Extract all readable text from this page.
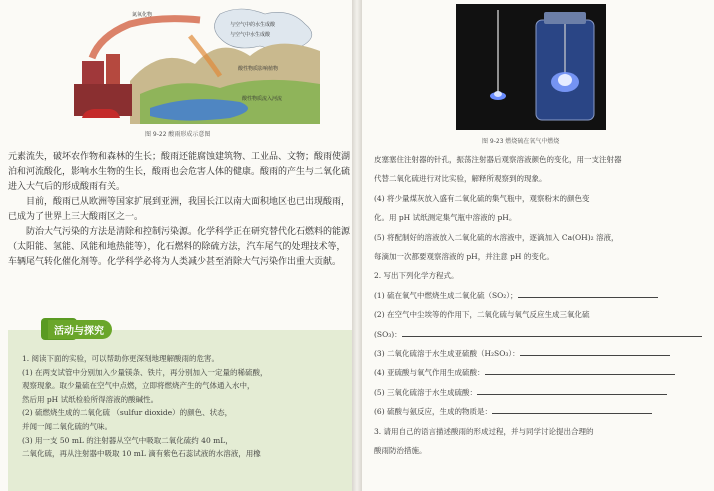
氮氧化物
与空气中的水生成酸
与空气中水生成酸
酸性物质影响植物
酸性物质流入河流
图 9-22 酸雨形成示意图

元素流失，破坏农作物和森林的生长；酸雨还能腐蚀建筑物、工业品、文物；酸雨使湖泊和河流酸化，影响水生物的生长，酸雨也会危害人体的健康。酸雨的产生与二氧化硫进入大气后的形成酸雨有关。

目前，酸雨已从欧洲等国家扩展到亚洲，我国长江以南大面积地区也已出现酸雨，已成为了世界上三大酸雨区之一。

防治大气污染的方法是清除和控制污染源。化学科学正在研究替代化石燃料的能源（太阳能、氢能、风能和地热能等），化石燃料的除硫方法，汽车尾气的处理技术等，车辆尾气转化催化剂等。化学科学必将为人类减少甚至消除大气污染作出重大贡献。

活动与探究

1. 阅读下面的实验，可以帮助你更深刻地理解酸雨的危害。

(1) 在两支试管中分别加入少量镁条、铁片，再分别加入一定量的稀硫酸，

观察现象。取少量硫在空气中点燃，立即将燃烧产生的气体通入水中，

然后用 pH 试纸检验所得溶液的酸碱性。

(2) 硫燃烧生成的二氧化硫 （sulfur dioxide）的颜色、状态，

并闻一闻二氧化硫的气味。

(3) 用一支 50 mL 的注射器从空气中吸取二氧化硫约 40 mL，

二氧化硫，再从注射器中吸取 10 mL 滴有紫色石蕊试液的水溶液，用橡

图 9-23 燃烧硫在氧气中燃烧

皮塞塞住注射器的针孔，振荡注射器后观察溶液颜色的变化，用一支注射器

代替二氧化硫进行对比实验，解释所观察到的现象。

(4) 将少量煤灰放入盛有二氧化硫的集气瓶中，观察粉末的颜色变

化。用 pH 试纸测定集气瓶中溶液的 pH。

(5) 将配制好的溶液放入二氧化硫的水溶液中，逐滴加入 Ca(OH)₂ 溶液，

每滴加一次都要观察溶液的 pH，并注意 pH 的变化。

2. 写出下列化学方程式。

(1) 硫在氧气中燃烧生成二氧化硫（SO₂）；

(2) 在空气中尘埃等的作用下，二氧化硫与氧气反应生成三氧化硫

(SO₃)：

(3) 二氧化硫溶于水生成亚硫酸（H₂SO₃）：

(4) 亚硫酸与氧气作用生成硫酸：

(5) 三氧化硫溶于水生成硫酸：

(6) 硫酸与氨反应，生成的物质是：

3. 请用自己的语言描述酸雨的形成过程，并与同学讨论提出合理的

酸雨防治措施。
